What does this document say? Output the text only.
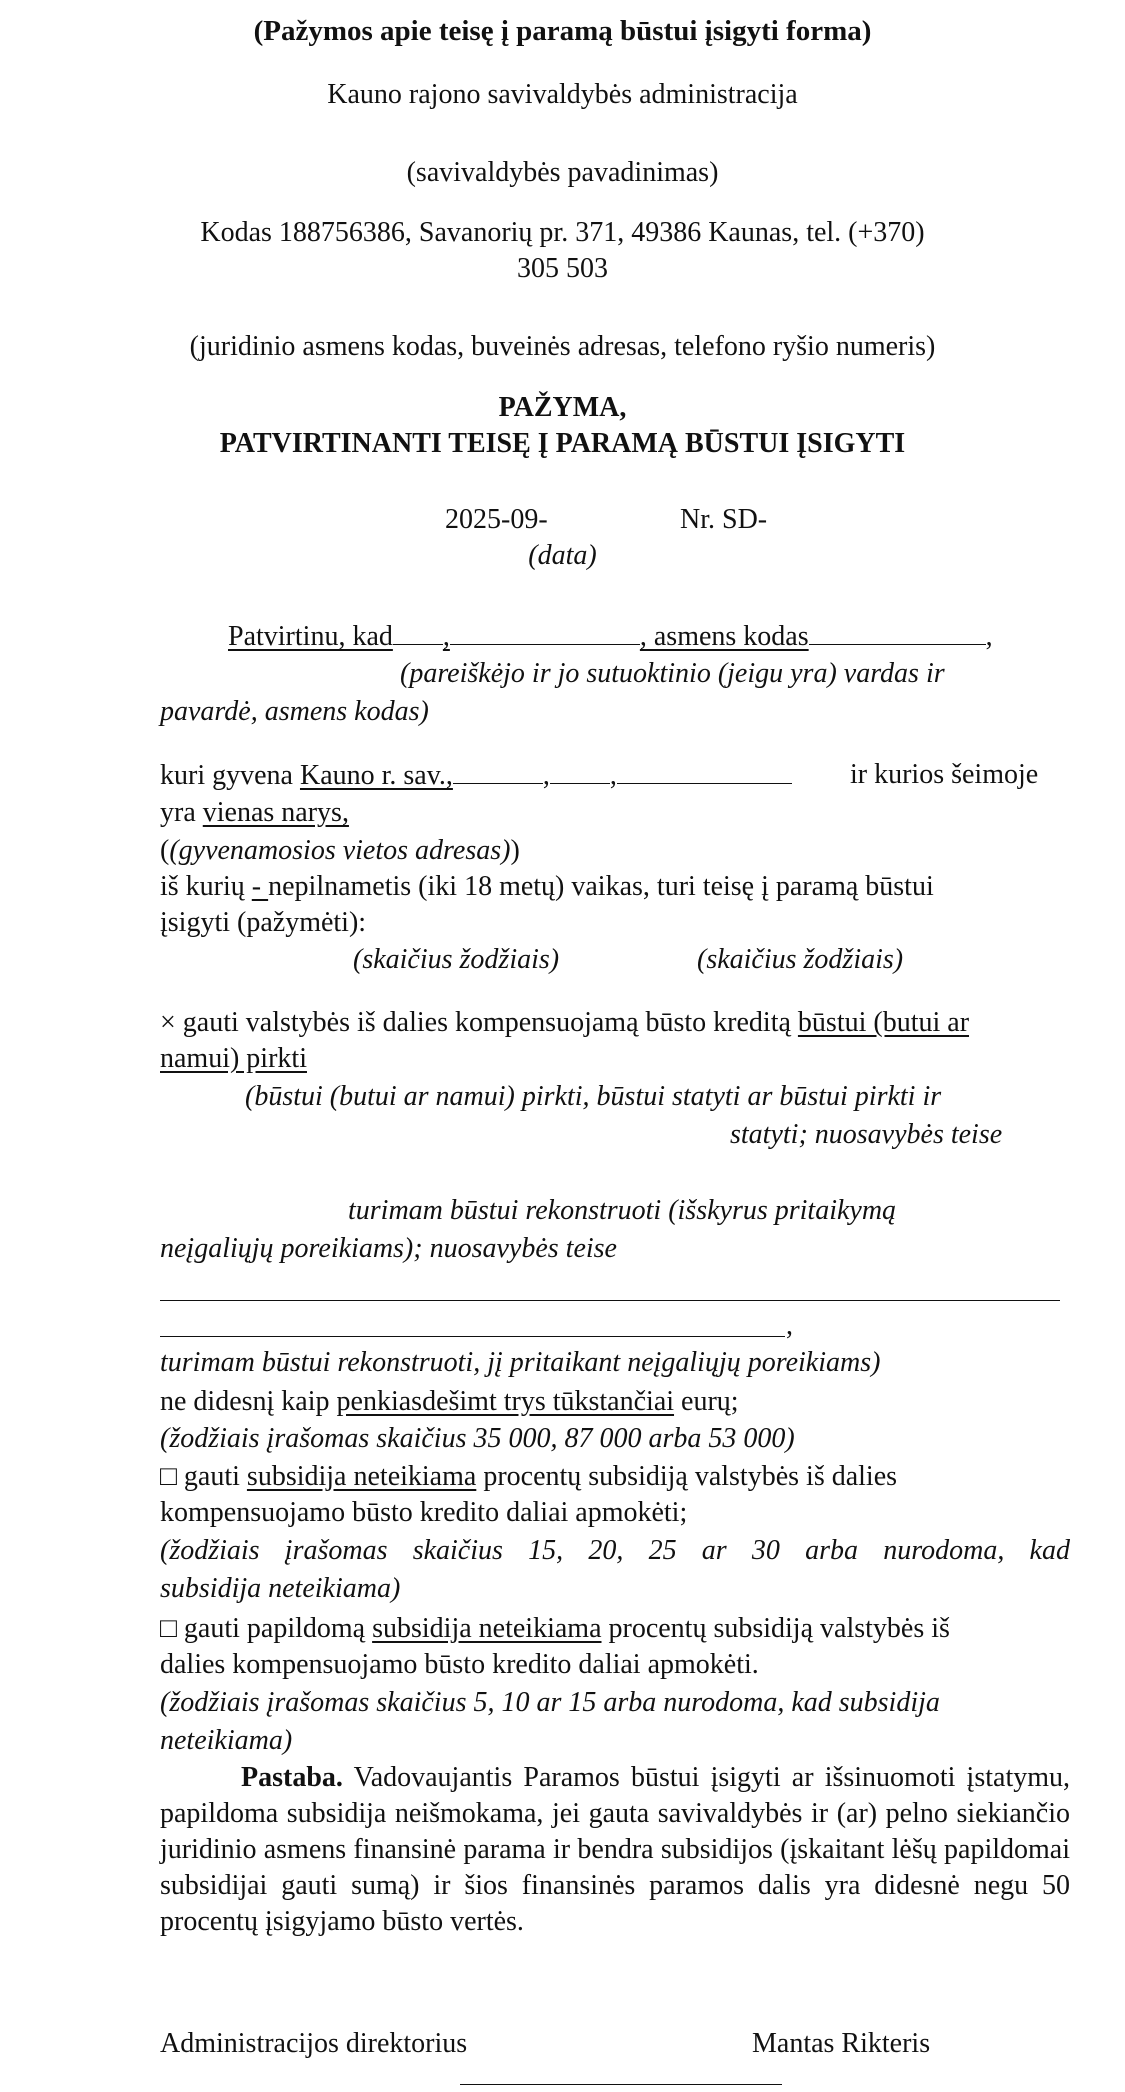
(Pažymos apie teisę į paramą būstui įsigyti forma)
Kauno rajono savivaldybės administracija
(savivaldybės pavadinimas)
Kodas 188756386, Savanorių pr. 371, 49386 Kaunas, tel. (+370)
305 503
(juridinio asmens kodas, buveinės adresas, telefono ryšio numeris)
PAŽYMA,
PATVIRTINANTI TEISĘ Į PARAMĄ BŪSTUI ĮSIGYTI
2025-09-	Nr. SD-
(data)
Patvirtinu, kad ,	, asmens kodas	,
(pareiškėjo ir jo sutuoktinio (jeigu yra) vardas ir
pavardė, asmens kodas)
kuri gyvena Kauno r. sav.,	, ,	ir kurios šeimoje
yra vienas narys,
((gyvenamosios vietos adresas))
iš kurių - nepilnametis (iki 18 metų) vaikas, turi teisę į paramą būstui
įsigyti (pažymėti):
(skaičius žodžiais)	(skaičius žodžiais)
× gauti valstybės iš dalies kompensuojamą būsto kreditą būstui (butui ar
namui) pirkti
(būstui (butui ar namui) pirkti, būstui statyti ar būstui pirkti ir
statyti; nuosavybės teise
turimam būstui rekonstruoti (išskyrus pritaikymą
neįgaliųjų poreikiams); nuosavybės teise
,
turimam būstui rekonstruoti, jį pritaikant neįgaliųjų poreikiams)
ne didesnį kaip penkiasdešimt trys tūkstančiai eurų;
(žodžiais įrašomas skaičius 35 000, 87 000 arba 53 000)
□ gauti subsidija neteikiama procentų subsidiją valstybės iš dalies
kompensuojamo būsto kredito daliai apmokėti;
(žodžiais įrašomas skaičius 15, 20, 25 ar 30 arba nurodoma, kad
subsidija neteikiama)
□ gauti papildomą subsidija neteikiama procentų subsidiją valstybės iš
dalies kompensuojamo būsto kredito daliai apmokėti.
(žodžiais įrašomas skaičius 5, 10 ar 15 arba nurodoma, kad subsidija
neteikiama)
Pastaba. Vadovaujantis Paramos būstui įsigyti ar išsinuomoti įstatymu, papildoma subsidija neišmokama, jei gauta savivaldybės ir (ar) pelno siekiančio juridinio asmens finansinė parama ir bendra subsidijos (įskaitant lėšų papildomai subsidijai gauti sumą) ir šios finansinės paramos dalis yra didesnė negu 50 procentų įsigyjamo būsto vertės.
Administracijos direktorius	Mantas Rikteris
